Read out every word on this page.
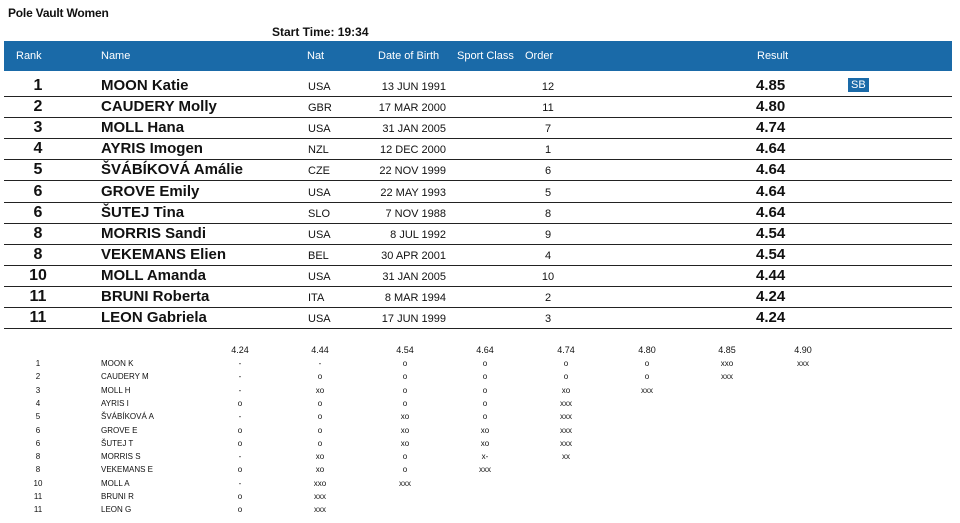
Pole Vault Women
Start Time: 19:34
Rank	Name	Nat	Date of Birth Sport Class Order	Result
1	MOON Katie	USA	13 JUN 1991	12	4.85	SB
2	CAUDERY Molly	GBR	17 MAR 2000	11	4.80
3	MOLL Hana	USA	31 JAN 2005	7	4.74
4	AYRIS Imogen	NZL	12 DEC 2000	1	4.64
5	ŠVÁBÍKOVÁ Amálie	CZE	22 NOV 1999	6	4.64
6	GROVE Emily	USA	22 MAY 1993	5	4.64
6	ŠUTEJ Tina	SLO	7 NOV 1988	8	4.64
8	MORRIS Sandi	USA	8 JUL 1992	9	4.54
8	VEKEMANS Elien	BEL	30 APR 2001	4	4.54
10	MOLL Amanda	USA	31 JAN 2005	10	4.44
11	BRUNI Roberta	ITA	8 MAR 1994	2	4.24
11	LEON Gabriela	USA	17 JUN 1999	3	4.24
4.24	4.44	4.54	4.64	4.74	4.80	4.85	4.90
1	MOON K	-	-	o	o	o	o	xxo	xxx
2	CAUDERY M	-	o	o	o	o	o	xxx
3	MOLL H	-	xo	o	o	xo	xxx
4	AYRIS I	o	o	o	o	xxx
5	ŠVÁBÍKOVÁ A	-	o	xo	o	xxx
6	GROVE E	o	o	xo	xo	xxx
6	ŠUTEJ T	o	o	xo	xo	xxx
8	MORRIS S	-	xo	o	x-	xx
8	VEKEMANS E	o	xo	o	xxx
10	MOLL A	-	xxo	xxx
11	BRUNI R	o	xxx
11	LEON G	o	xxx
